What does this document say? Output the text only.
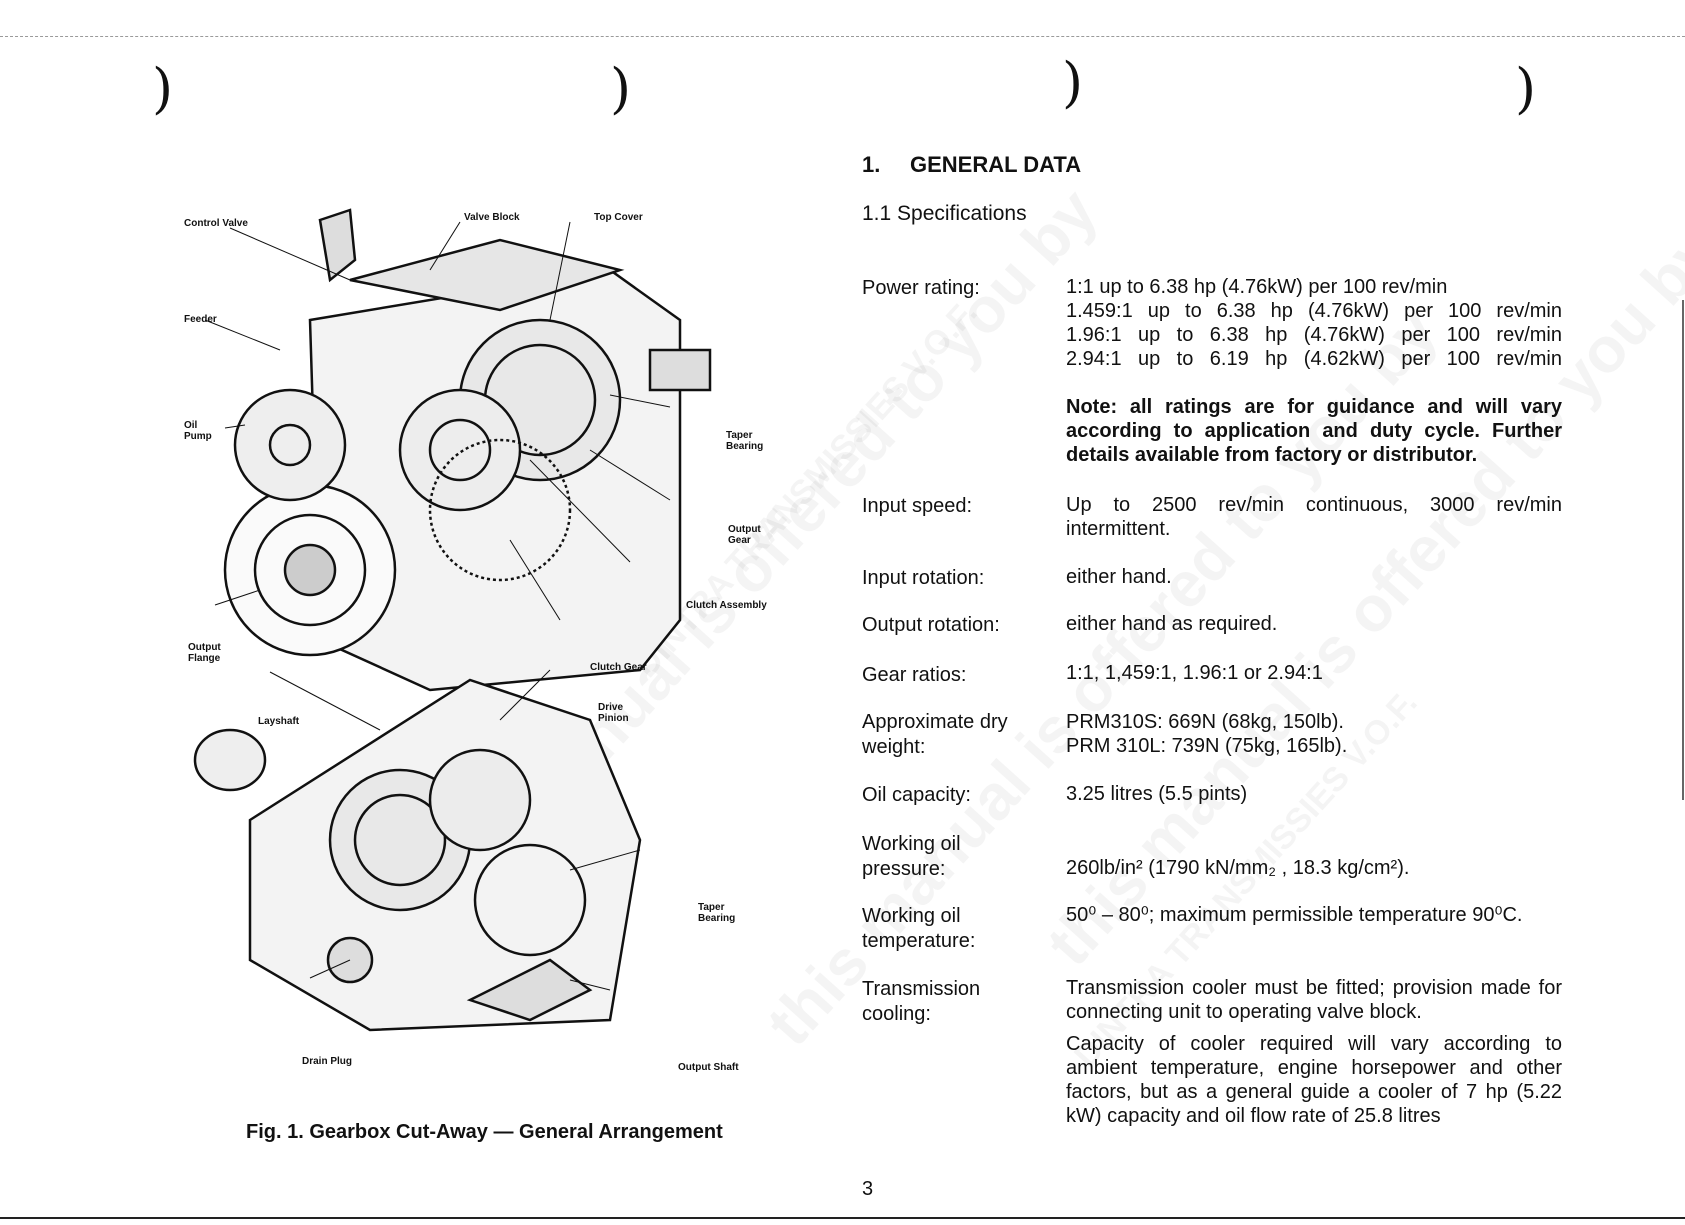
)	)	)	)
Control Valve
Valve Block	Top Cover
Feeder
Oil Pump	Taper Bearing
Output Gear
Clutch Assembly
Output Flange
Clutch Gear
Layshaft
Drive Pinion
Taper Bearing
Drain Plug
Output Shaft
Fig. 1. Gearbox Cut-Away — General Arrangement
1. GENERAL DATA
1.1 Specifications
Power rating:	1:1 up to 6.38 hp (4.76kW) per 100 rev/min

1.459:1 up to 6.38 hp (4.76kW) per 100 rev/min

1.96:1 up to 6.38 hp (4.76kW) per 100 rev/min

2.94:1 up to 6.19 hp (4.62kW) per 100 rev/min

Note: all ratings are for guidance and will vary according to application and duty cycle. Further details available from factory or distributor.
Input speed:	Up to 2500 rev/min continuous, 3000 rev/min intermittent.
Input rotation:	either hand.
Output rotation:	either hand as required.
Gear ratios:	1:1, 1,459:1, 1.96:1 or 2.94:1
Approximate dry weight:

PRM310S: 669N (68kg, 150lb).

PRM 310L: 739N (75kg, 165lb).

Oil capacity:	3.25 litres (5.5 pints)
Working oil pressure:	260lb/in² (1790 kN/mm₂ , 18.3 kg/cm²).
Working oil temperature:
50⁰ – 80⁰; maximum permissible temperature 90⁰C.
Transmission cooling:
Transmission cooler must be fitted; provision made for connecting unit to operating valve block.
Capacity of cooler required will vary according to ambient temperature, engine horsepower and other factors, but as a general guide a cooler of 7 hp (5.22 kW) capacity and oil flow rate of 25.8 litres
3
